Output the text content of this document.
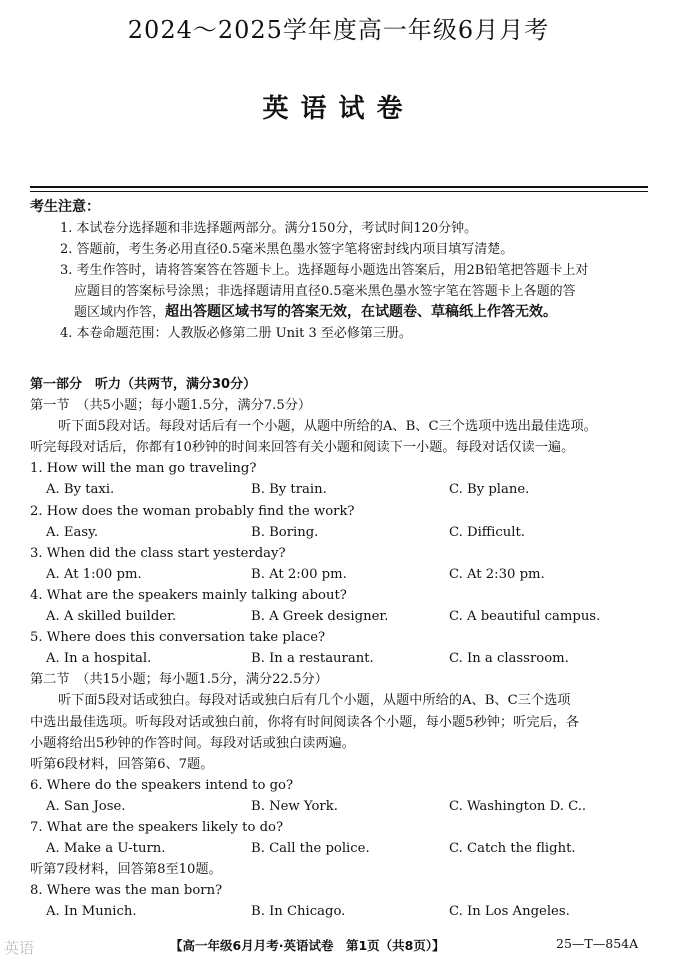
2024～2025学年度高一年级6月月考
英语试卷
考生注意：
1. 本试卷分选择题和非选择题两部分。满分150分，考试时间120分钟。
2. 答题前，考生务必用直径0.5毫米黑色墨水签字笔将密封线内项目填写清楚。
3. 考生作答时，请将答案答在答题卡上。选择题每小题选出答案后，用2B铅笔把答题卡上对
应题目的答案标号涂黑；非选择题请用直径0.5毫米黑色墨水签字笔在答题卡上各题的答
题区域内作答，超出答题区域书写的答案无效，在试题卷、草稿纸上作答无效。
4. 本卷命题范围：人教版必修第二册 Unit 3 至必修第三册。
第一部分　听力（共两节，满分30分）
第一节　（共5小题；每小题1.5分，满分7.5分）
听下面5段对话。每段对话后有一个小题，从题中所给的A、B、C三个选项中选出最佳选项。
听完每段对话后，你都有10秒钟的时间来回答有关小题和阅读下一小题。每段对话仅读一遍。
1. How will the man go traveling?
A. By taxi.	B. By train.	C. By plane.
2. How does the woman probably find the work?
A. Easy.	B. Boring.	C. Difficult.
3. When did the class start yesterday?
A. At 1:00 pm.	B. At 2:00 pm.	C. At 2:30 pm.
4. What are the speakers mainly talking about?
A. A skilled builder.	B. A Greek designer.	C. A beautiful campus.
5. Where does this conversation take place?
A. In a hospital.	B. In a restaurant.	C. In a classroom.
第二节　（共15小题；每小题1.5分，满分22.5分）
听下面5段对话或独白。每段对话或独白后有几个小题，从题中所给的A、B、C三个选项
中选出最佳选项。听每段对话或独白前，你将有时间阅读各个小题，每小题5秒钟；听完后，各
小题将给出5秒钟的作答时间。每段对话或独白读两遍。
听第6段材料，回答第6、7题。
6. Where do the speakers intend to go?
A. San Jose.	B. New York.	C. Washington D. C..
7. What are the speakers likely to do?
A. Make a U-turn.	B. Call the police.	C. Catch the flight.
听第7段材料，回答第8至10题。
8. Where was the man born?
A. In Munich.	B. In Chicago.	C. In Los Angeles.
英语	【高一年级6月月考·英语试卷　第1页（共8页）】	25—T—854A
